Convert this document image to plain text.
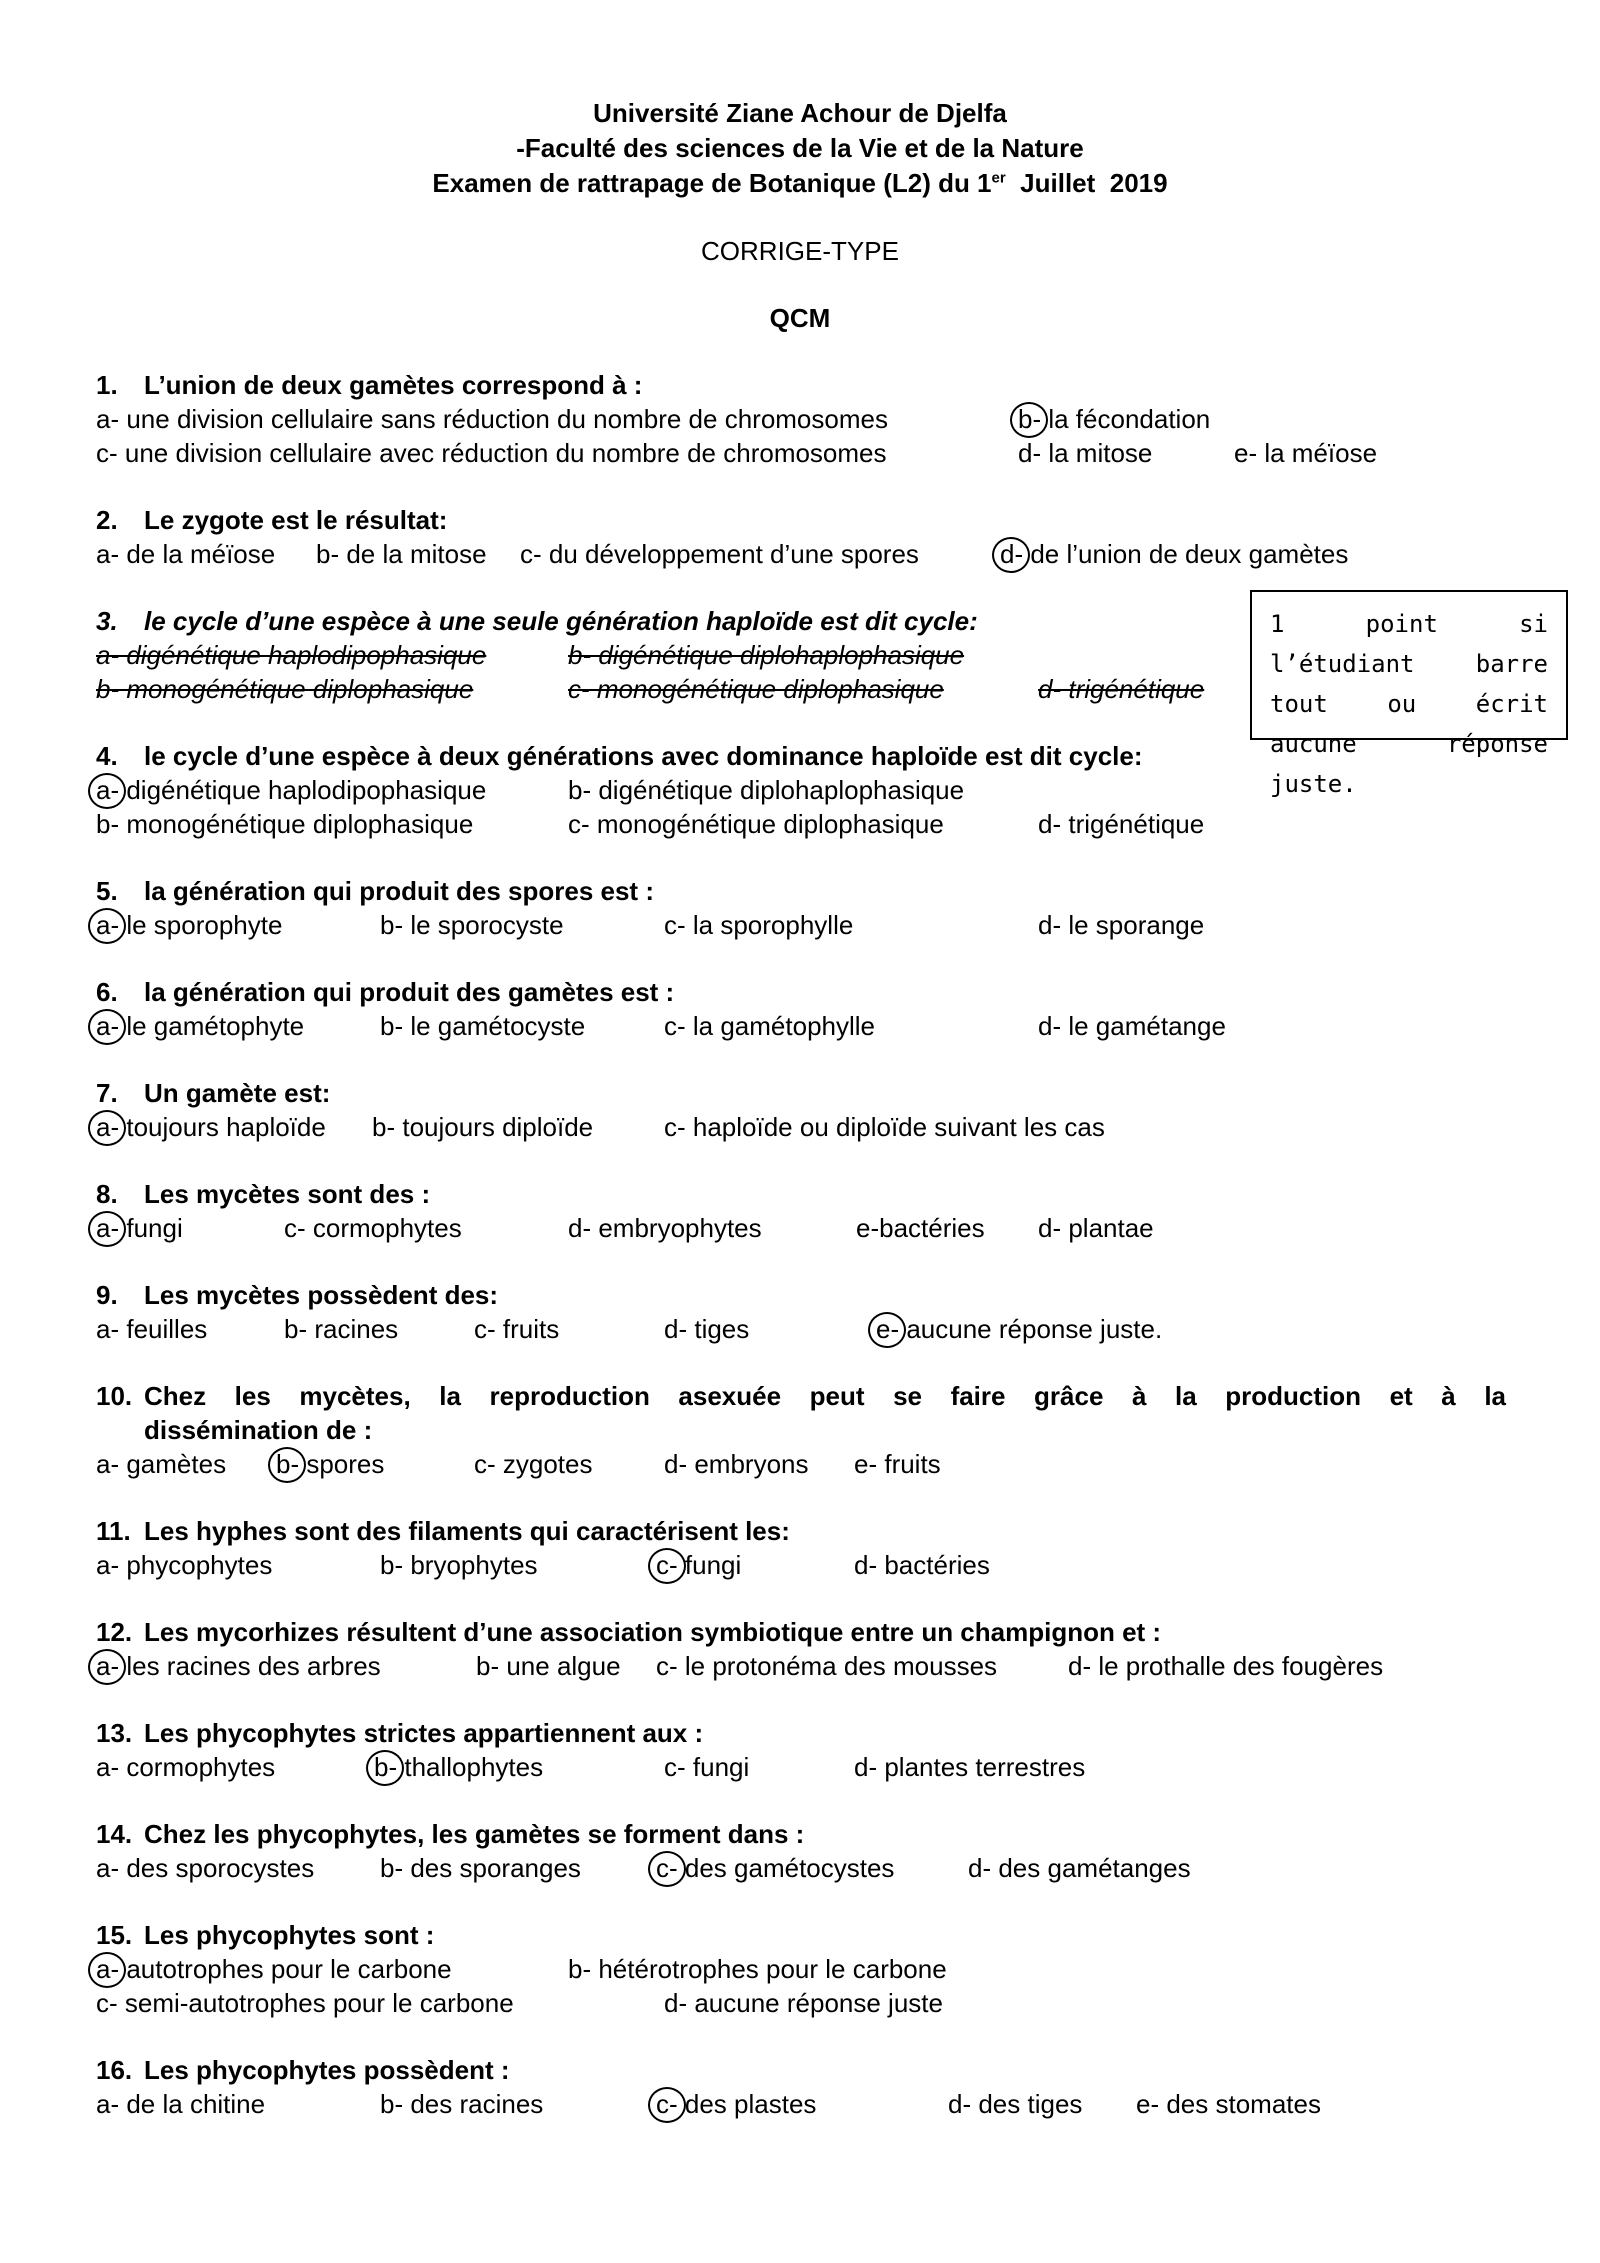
Université Ziane Achour de Djelfa
-Faculté des sciences de la Vie et de la Nature
Examen de rattrapage de Botanique (L2) du 1er  Juillet  2019
CORRIGE-TYPE
QCM
1 point si l’étudiant barre tout ou écrit aucune réponse juste.
1. L’union de deux gamètes correspond à :
a- une division cellulaire sans réduction du nombre de chromosomes	b- la fécondation
c- une division cellulaire avec réduction du nombre de chromosomes	d- la mitose	e- la méïose
2. Le zygote est le résultat:
a- de la méïose b- de la mitose c- du développement d’une spores	d- de l’union de deux gamètes
3. le cycle d’une espèce à une seule génération haploïde est dit cycle:
a- digénétique haplodipophasique	b- digénétique diplohaplophasique
b- monogénétique diplophasique	c- monogénétique diplophasique	d- trigénétique
4. le cycle d’une espèce à deux générations avec dominance haploïde est dit cycle:
a- digénétique haplodipophasique	b- digénétique diplohaplophasique
b- monogénétique diplophasique	c- monogénétique diplophasique	d- trigénétique
5. la génération qui produit des spores est :
a- le sporophyte	b- le sporocyste	c- la sporophylle	d- le sporange
6. la génération qui produit des gamètes est :
a- le gamétophyte	b- le gamétocyste	c- la gamétophylle	d- le gamétange
7. Un gamète est:
a- toujours haploïde b- toujours diploïde	c- haploïde ou diploïde suivant les cas
8. Les mycètes sont des :
a- fungi	c- cormophytes	d- embryophytes	e-bactéries d- plantae
9. Les mycètes possèdent des:
a- feuilles	b- racines	c- fruits	d- tiges	e- aucune réponse juste.
10. Chez les mycètes, la reproduction asexuée peut se faire grâce à la production et à la
dissémination de :
a- gamètes b- spores	c- zygotes	d- embryons e- fruits
11. Les hyphes sont des filaments qui caractérisent les:
a- phycophytes	b- bryophytes	c- fungi	d- bactéries
12. Les mycorhizes résultent d’une association symbiotique entre un champignon et :
a- les racines des arbres	b- une algue c- le protonéma des mousses	d- le prothalle des fougères
13. Les phycophytes strictes appartiennent aux :
a- cormophytes	b- thallophytes	c- fungi	d- plantes terrestres
14. Chez les phycophytes, les gamètes se forment dans :
a- des sporocystes	b- des sporanges	c- des gamétocystes	d- des gamétanges
15. Les phycophytes sont :
a- autotrophes pour le carbone	b- hétérotrophes pour le carbone
c- semi-autotrophes pour le carbone	d- aucune réponse juste
16. Les phycophytes possèdent :
a- de la chitine	b- des racines	c- des plastes	d- des tiges e- des stomates
